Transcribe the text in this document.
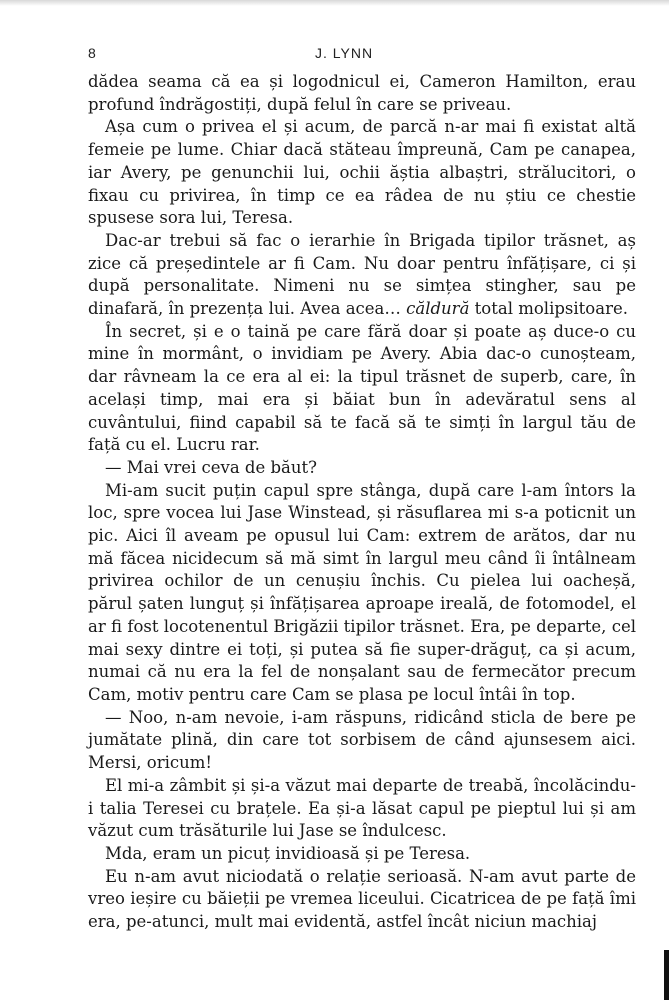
8	J. LYNN

dădea seama că ea și logodnicul ei, Cameron Hamilton, erau profund îndrăgostiți, după felul în care se priveau.

Așa cum o privea el și acum, de parcă n-ar mai fi existat altă femeie pe lume. Chiar dacă stăteau împreună, Cam pe canapea, iar Avery, pe genunchii lui, ochii ăștia albaștri, strălucitori, o fixau cu privirea, în timp ce ea râdea de nu știu ce chestie spusese sora lui, Teresa.

Dac-ar trebui să fac o ierarhie în Brigada tipilor trăsnet, aș zice că președintele ar fi Cam. Nu doar pentru înfățișare, ci și după personalitate. Nimeni nu se simțea stingher, sau pe dinafară, în prezența lui. Avea acea… căldură total molipsitoare.

În secret, și e o taină pe care fără doar și poate aș duce-o cu mine în mormânt, o invidiam pe Avery. Abia dac-o cunoșteam, dar râvneam la ce era al ei: la tipul trăsnet de superb, care, în același timp, mai era și băiat bun în adevăratul sens al cuvântului, fiind capabil să te facă să te simți în largul tău de față cu el. Lucru rar.

— Mai vrei ceva de băut?

Mi-am sucit puțin capul spre stânga, după care l-am întors la loc, spre vocea lui Jase Winstead, și răsuflarea mi s-a poticnit un pic. Aici îl aveam pe opusul lui Cam: extrem de arătos, dar nu mă făcea nicidecum să mă simt în largul meu când îi întâlneam privirea ochilor de un cenușiu închis. Cu pielea lui oacheșă, părul șaten lunguț și înfățișarea aproape ireală, de fotomodel, el ar fi fost locotenentul Brigăzii tipilor trăsnet. Era, pe departe, cel mai sexy dintre ei toți, și putea să fie super-drăguț, ca și acum, numai că nu era la fel de nonșalant sau de fermecător precum Cam, motiv pentru care Cam se plasa pe locul întâi în top.

— Noo, n-am nevoie, i-am răspuns, ridicând sticla de bere pe jumătate plină, din care tot sorbisem de când ajunsesem aici. Mersi, oricum!

El mi-a zâmbit și și-a văzut mai departe de treabă, încolăcindu-i talia Teresei cu brațele. Ea și-a lăsat capul pe pieptul lui și am văzut cum trăsăturile lui Jase se îndulcesc.

Mda, eram un picuț invidioasă și pe Teresa.

Eu n-am avut niciodată o relație serioasă. N-am avut parte de vreo ieșire cu băieții pe vremea liceului. Cicatricea de pe față îmi era, pe-atunci, mult mai evidentă, astfel încât niciun machiaj
